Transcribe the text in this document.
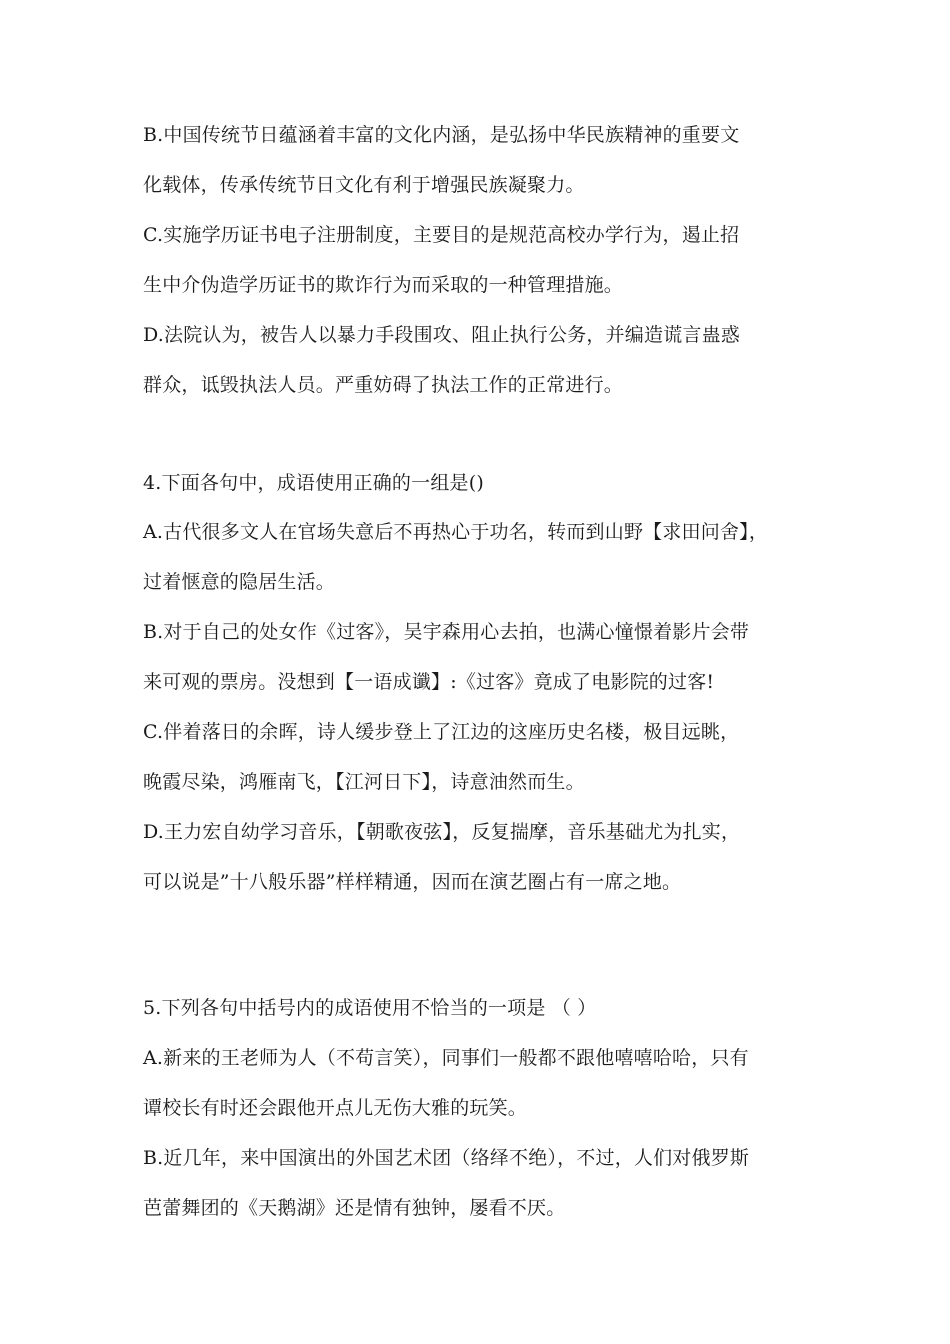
B.中国传统节日蕴涵着丰富的文化内涵，是弘扬中华民族精神的重要文
化载体，传承传统节日文化有利于增强民族凝聚力。
C.实施学历证书电子注册制度，主要目的是规范高校办学行为，遏止招
生中介伪造学历证书的欺诈行为而采取的一种管理措施。
D.法院认为，被告人以暴力手段围攻、阻止执行公务，并编造谎言蛊惑
群众，诋毁执法人员。严重妨碍了执法工作的正常进行。
4.下面各句中，成语使用正确的一组是()
A.古代很多文人在官场失意后不再热心于功名，转而到山野【求田问舍】，
过着惬意的隐居生活。
B.对于自己的处女作《过客》，吴宇森用心去拍，也满心憧憬着影片会带
来可观的票房。没想到【一语成谶】:《过客》竟成了电影院的过客!
C.伴着落日的余晖，诗人缓步登上了江边的这座历史名楼，极目远眺，
晚霞尽染，鸿雁南飞，【江河日下】，诗意油然而生。
D.王力宏自幼学习音乐，【朝歌夜弦】，反复揣摩，音乐基础尤为扎实，
可以说是”十八般乐器”样样精通，因而在演艺圈占有一席之地。
5.下列各句中括号内的成语使用不恰当的一项是 （ ）
A.新来的王老师为人（不苟言笑），同事们一般都不跟他嘻嘻哈哈，只有
谭校长有时还会跟他开点儿无伤大雅的玩笑。
B.近几年，来中国演出的外国艺术团（络绎不绝），不过，人们对俄罗斯
芭蕾舞团的《天鹅湖》还是情有独钟，屡看不厌。
